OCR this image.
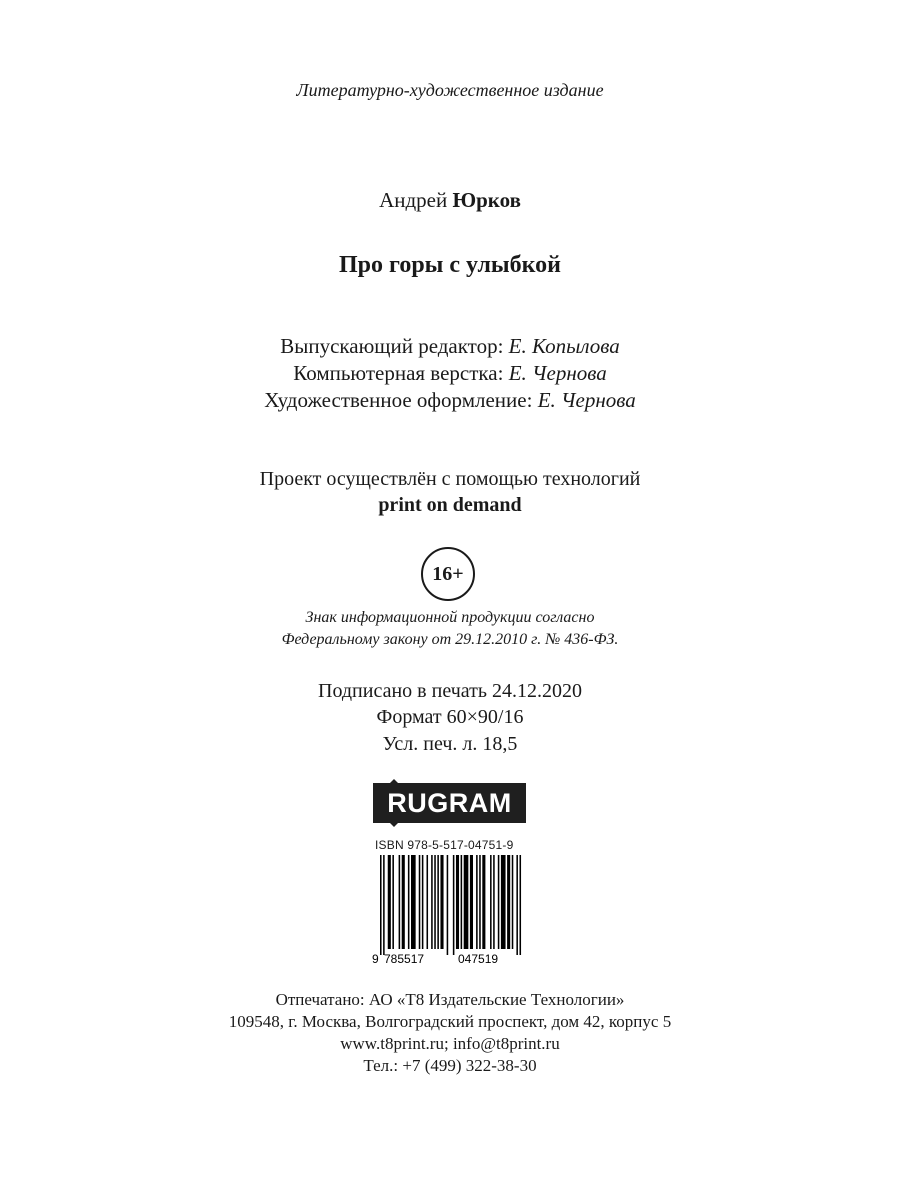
Литературно-художественное издание
Андрей Юрков
Про горы с улыбкой
Выпускающий редактор: Е. Копылова
Компьютерная верстка: Е. Чернова
Художественное оформление: Е. Чернова
Проект осуществлён с помощью технологий
print on demand
16+
Знак информационной продукции согласно
Федеральному закону от 29.12.2010 г. № 436-ФЗ.
Подписано в печать 24.12.2020
Формат 60×90/16
Усл. печ. л. 18,5
RUGRAM
ISBN 978-5-517-04751-9
9 785517	047519
Отпечатано: АО «Т8 Издательские Технологии»
109548, г. Москва, Волгоградский проспект, дом 42, корпус 5
www.t8print.ru; info@t8print.ru
Тел.: +7 (499) 322-38-30
